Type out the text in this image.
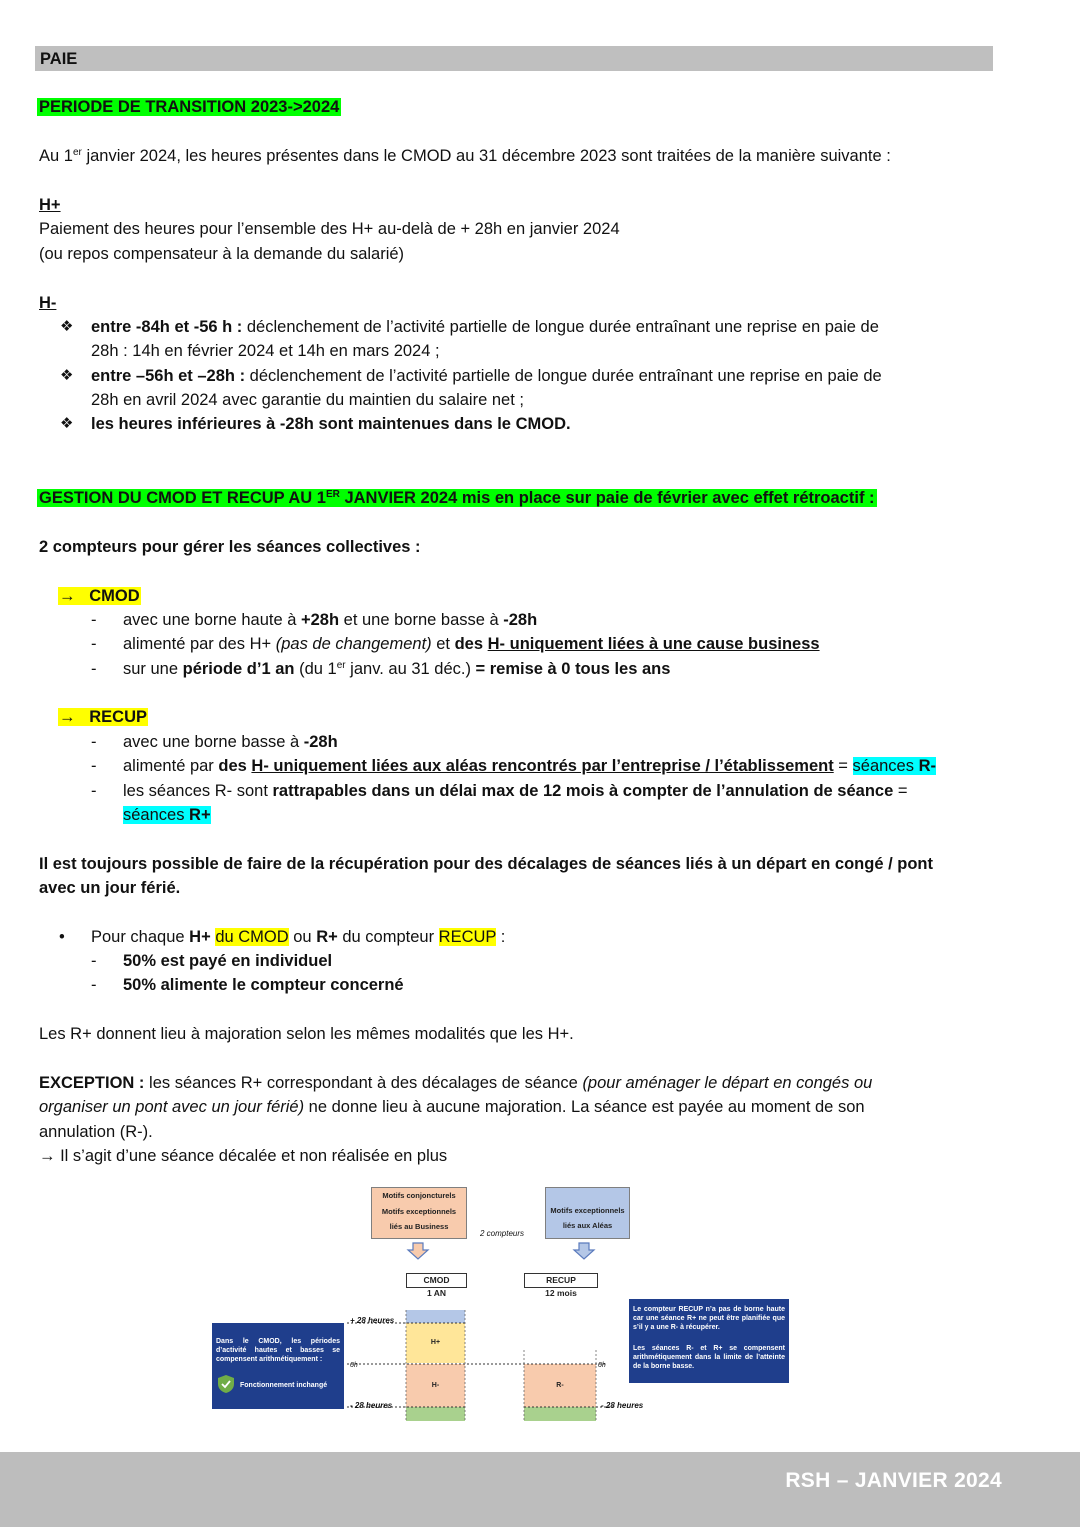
PAIE
PERIODE DE TRANSITION 2023->2024
Au 1er janvier 2024, les heures présentes dans le CMOD au 31 décembre 2023 sont traitées de la manière suivante :
H+
Paiement des heures pour l’ensemble des H+ au-delà de + 28h en janvier 2024
(ou repos compensateur à la demande du salarié)
H-
❖ entre -84h et -56 h : déclenchement de l’activité partielle de longue durée entraînant une reprise en paie de
28h : 14h en février 2024 et 14h en mars 2024 ;
❖ entre –56h et –28h : déclenchement de l’activité partielle de longue durée entraînant une reprise en paie de
28h en avril 2024 avec garantie du maintien du salaire net ;
❖ les heures inférieures à -28h sont maintenues dans le CMOD.
GESTION DU CMOD ET RECUP AU 1ER JANVIER 2024 mis en place sur paie de février avec effet rétroactif :
2 compteurs pour gérer les séances collectives :
→ CMOD
- avec une borne haute à +28h et une borne basse à -28h
- alimenté par des H+ (pas de changement) et des H- uniquement liées à une cause business
- sur une période d’1 an (du 1er janv. au 31 déc.) = remise à 0 tous les ans
→ RECUP
- avec une borne basse à -28h
- alimenté par des H- uniquement liées aux aléas rencontrés par l’entreprise / l’établissement = séances R-
- les séances R- sont rattrapables dans un délai max de 12 mois à compter de l’annulation de séance =
séances R+
Il est toujours possible de faire de la récupération pour des décalages de séances liés à un départ en congé / pont
avec un jour férié.
• Pour chaque H+ du CMOD ou R+ du compteur RECUP :
- 50% est payé en individuel
- 50% alimente le compteur concerné
Les R+ donnent lieu à majoration selon les mêmes modalités que les H+.
EXCEPTION : les séances R+ correspondant à des décalages de séance (pour aménager le départ en congés ou
organiser un pont avec un jour férié) ne donne lieu à aucune majoration. La séance est payée au moment de son
annulation (R-).
→ Il s’agit d’une séance décalée et non réalisée en plus
Motifs conjoncturels
Motifs exceptionnels
liés au Business
2 compteurs
Motifs exceptionnels
liés aux Aléas
CMOD
1 AN
RECUP
12 mois
H+
H-	R-
+ 28 heures
0h	0h
- 28 heures	- 28 heures
Dans le CMOD, les périodes d’activité hautes et basses se compensent arithmétiquement :
Fonctionnement inchangé
Le compteur RECUP n’a pas de borne haute car une séance R+ ne peut être planifiée que s’il y a une R- à récupérer.
Les séances R- et R+ se compensent arithmétiquement dans la limite de l’atteinte de la borne basse.
RSH – JANVIER 2024
